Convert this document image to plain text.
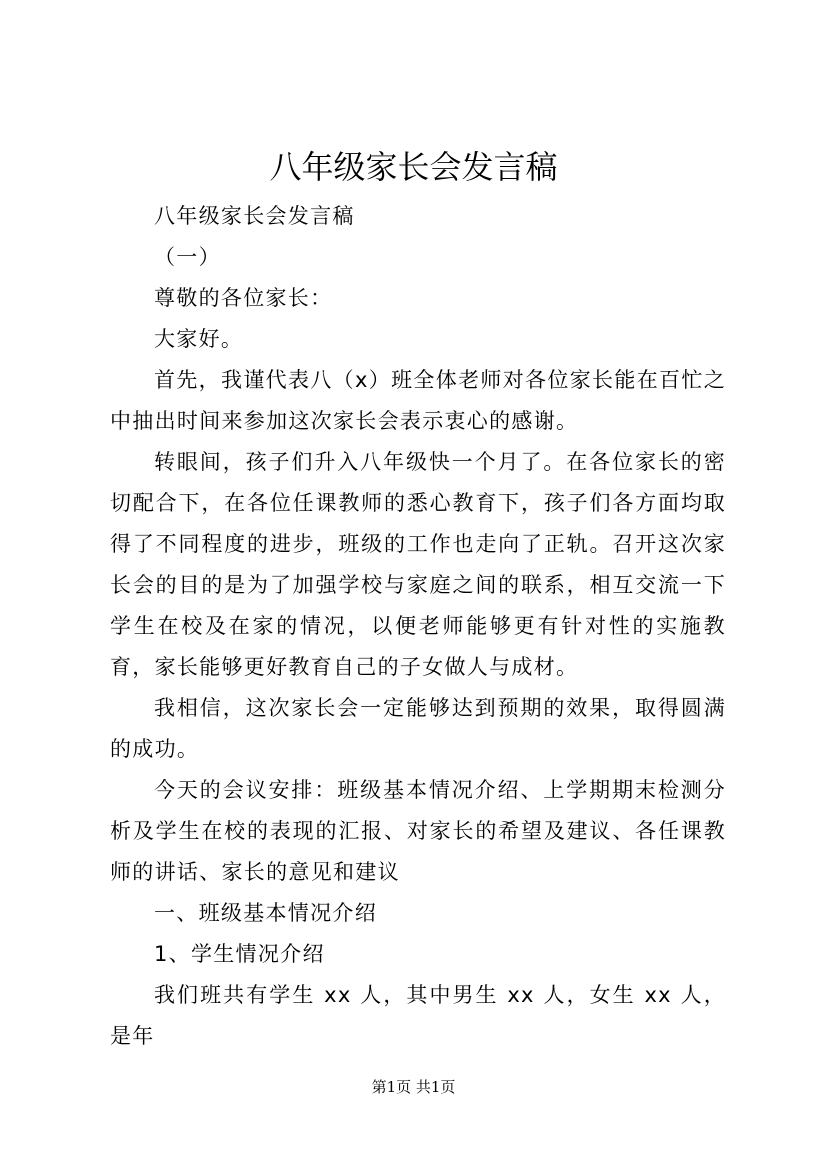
八年级家长会发言稿

八年级家长会发言稿

（一）

尊敬的各位家长：

大家好。

首先，我谨代表八（x）班全体老师对各位家长能在百忙之中抽出时间来参加这次家长会表示衷心的感谢。

转眼间，孩子们升入八年级快一个月了。在各位家长的密切配合下，在各位任课教师的悉心教育下，孩子们各方面均取得了不同程度的进步，班级的工作也走向了正轨。召开这次家长会的目的是为了加强学校与家庭之间的联系，相互交流一下学生在校及在家的情况，以便老师能够更有针对性的实施教育，家长能够更好教育自己的子女做人与成材。

我相信，这次家长会一定能够达到预期的效果，取得圆满的成功。

今天的会议安排：班级基本情况介绍、上学期期末检测分析及学生在校的表现的汇报、对家长的希望及建议、各任课教师的讲话、家长的意见和建议

一、班级基本情况介绍

1、学生情况介绍

我们班共有学生 xx 人，其中男生 xx 人，女生 xx 人，是年

第1页 共1页
